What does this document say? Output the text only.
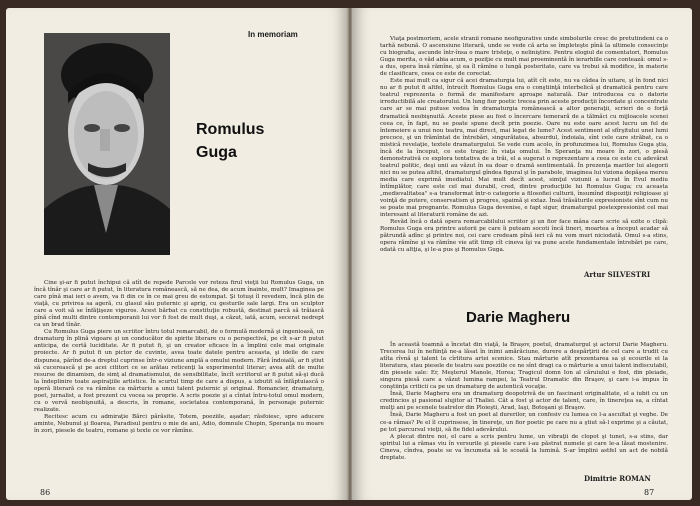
In memoriam
Romulus
Guga

Cine şi-ar fi putut închipui că atît de repede Parcele vor reteza firul vieţii lui Romulus Guga, un încă tînăr şi care ar fi putut, în literatura românească, să ne dea, de acum înainte, mult? Imaginea pe care pînă mai ieri o avem, va fi din ce în ce mai greu de estompat. Şi totuşi îl revedem, încă plin de viaţă, cu privirea sa ageră, cu glasul său puternic şi aprig, cu gesturile sale largi. Era un sculptor care a voit să se înfăţişeze viguros. Acest bărbat cu constituţie robustă, destinat parcă să trăiască pînă cînd multi dintre contemporanii lui vor fi fost de mult duşi, a căzut, iată, acum, secerat nedrept ca un brad tînăr.

Cu Romulus Guga piere un scriitor întru totul remarcabil, de o formulă modernă şi ingenioasă, un dramaturg în plină vigoare şi un conducător de spirite literare cu o perspectivă, pe cît s-ar fi putut anticipa, de certă luciditate. Ar fi putut fi, şi un creator eficace în a împlini cele mai originale proiecte. Ar fi putut fi un pictor de cuvinte, avea toate datele pentru aceasta, şi ideile de care dispunea, părînd de-a dreptul cuprinse într-o viziune amplă a omului modern. Fără îndoială, ar fi ştiut să cucerească şi pe acei cititori ce se arătau reticenţi la experimentul literar; avea atît de multe resurse de dinamism, de simţ al dramatismului, de sensibilitate, încît scriitorul ar fi putut să-şi ducă la îndeplinire toate aspiraţiile artistice. În scurtul timp de care a dispus, a izbutit să înfăptuiască o operă literară ce va rămîne ca mărturie a unui talent puternic şi original. Romancier, dramaturg, poet, jurnalist, a fost prezent cu vocea sa proprie. A scris poezie şi a cîntat întru-totul omul modern, cu o vervă neobişnuită, a descris, în romane, societatea contemporană, în personaje puternic realizate.

Recitesc acum cu admiraţie Bărci părăsite, Totem, poeziile, aşadar; răsfoiesc, spre aducere aminte, Nebunul şi floarea, Paradisul pentru o mie de ani, Adio, domnule Chopin, Speranţa nu moare în zori, piesele de teatru, romane şi texte ce vor rămîne.

86

Viaţa postmoriem, acele stranii romane neofigurative unde simbolurile cresc de pretutindeni ca o tarhă nebună. O ascensiune literară, unde se vede că arta se împleteşte pînă la ultimele consecinţe cu biografia, ascunde într-însa o mare tristeţe, o neliniştire. Pentru elogiul de comentatori, Romulus Guga merita, o văd abia acum, o poziţie cu mult mai proeminentă în ierarhiile care contează: omul s-a dus, opera însă rămîne, şi ea îl rămîne o lungă posteritate, care va trebui să modifice, în materie de clasificare, ceea ce este de corectat.

Este mai mult ca sigur că acei dramaturgia lui, atît cît este, nu va cădea în uitare, şi în fond nici nu ar fi putut fi altfel, întrucît Romulus Guga era o conştiinţă interbelică şi dramatică pentru care teatrul reprezenta o formă de manifestare aproape naturală. Dar introducea cu o datorie irreductibilă ale creatorului. Un lung fior poetic trecea prin aceste producţii încordate şi concentrate care ar se mai putuse vedea în dramaturgia românească a altor generaţii, scrieri de o forţă dramatică neobişnuită. Aceste piese au fost o încercare temerară de a tălmăci cu mijloacele scenei ceea ce, în fapt, nu se poate spune decît prin poezie. Oare nu este oare acest lucru un fel de întemeiere a unui nou teatru, mai direct, mai legat de lume? Acest sentiment al sfîrşitului unei lumi precoce, şi un frămîntat de întrebări, singurătatea, absurdul, îndoiala, sînt cele care străbat, ca o mistică revelaţie, textele dramaturgului. Se vede cum acolo, în profunzimea lui, Romulus Guga ştia, încă de la început, ce este tragic în viaţa omului. În Speranţa nu moare în zori, o piesă demonstrativă ce explora tentativa de a trăi, el a sugerat o reprezentare a ceea ce este cu adevărat teatrul politic, deşi unii au văzut în ea doar o dramă sentimentală. În prezenţa marilor lui alegorii nici nu se putea altfel, dramaturgul gîndea figural şi în parabole, imaginea lui viziona depăşea mereu media care exprimă imediatul. Mai mult decît acest, simţul viziunii a lucrat în Evul mediu întîmplător, care este cel mai durabil, cred, dintre producţiile lui Romulus Guga; cu aceasta „medievalitatea" s-a transformat într-o categorie a filosofiei culturii, însumînd dispoziţii religioase şi voinţă de putere, conservatism şi progres, spaimă şi extaz. Însă trăsăturile expresioniste sînt cum nu se poate mai pregnante. Romulus Guga devenise, e fapt sigur, dramaturgul postexpresionist cel mai interesant al literaturii române de azi.

Revăd încă o dată opera remarcabilului scriitor şi un fior face mâna care scrie să ezite o clipă: Romulus Guga era printre autorii pe care îi puteam socoti încă tineri, moartea a început acadar să pătrundă adînc şi printre noi, cei care credeam pînă ieri că nu vom muri niciodată. Omul s-a stins, opera rămîne şi va rămîne vie atît timp cît cineva îşi va pune acele fundamentale întrebări pe care, odată cu altţia, şi le-a pus şi Romulus Guga.

Artur SILVESTRI
Darie Magheru

În această toamnă a încetat din viaţă, la Braşov, poetul, dramaturgul şi actorul Darie Magheru. Trecerea lui în nefiinţă ne-a lăsat în inimi amărăciune, durere a despărţirii de cel care a trudit cu atîta rîvnă şi talent la cîrlitura artei scenice. Stau mărturie atît prezentarea sa şi ecourile ei la literatura, stau piesele de teatru sau poeziile ce ne sînt dragi ca o mărturie a unui talent indiscutabil, din piesele sale: Er, Meşterul Manole, Horea; Tragicul domn Ion al căruiului e fost, din pleiade, singura piesă care a văzut lumina rampei, la Teatrul Dramatic din Braşov, şi care i-a impus în conştiinţa criticii ca pe un dramaturg de autentică vocaţie.

Însă, Darie Magheru era un dramaturg deopotrivă de un fascinant originalitate, el a iubit cu un credincios şi pasional slujitor al Thaliei. Cât a fost şi actor de talent, care, în tinereţea sa, a cîntat mulţi ani pe scenele teatrelor din Ploieşti, Arad, Iaşi, Botoşani şi Braşov.

Însă, Darie Magheru a fost un poet al durerilor, un confesiv cu lumea ce l-a ascultat şi veghe. De ce-a rămas? Pe el îl cuprinsese, în tinereţe, un fior poetic pe care nu a ştiut să-l exprime şi a căutat, pe tot parcursul vieţii, să fie fidel adevărului.

A plecat dintre noi, el care a scris pentru lume, un vibraţii de clopot şi tunet, s-a stins, dar spiritul lui a rămas viu în versurile şi piesele care i-au păstrat numele şi care le-a lăsat mostenire. Cineva, cîndva, poate se va încumeta să le scoată la lumină. S-ar împlini astfel un act de nobilă dreptate.

Dimitrie ROMAN
87
